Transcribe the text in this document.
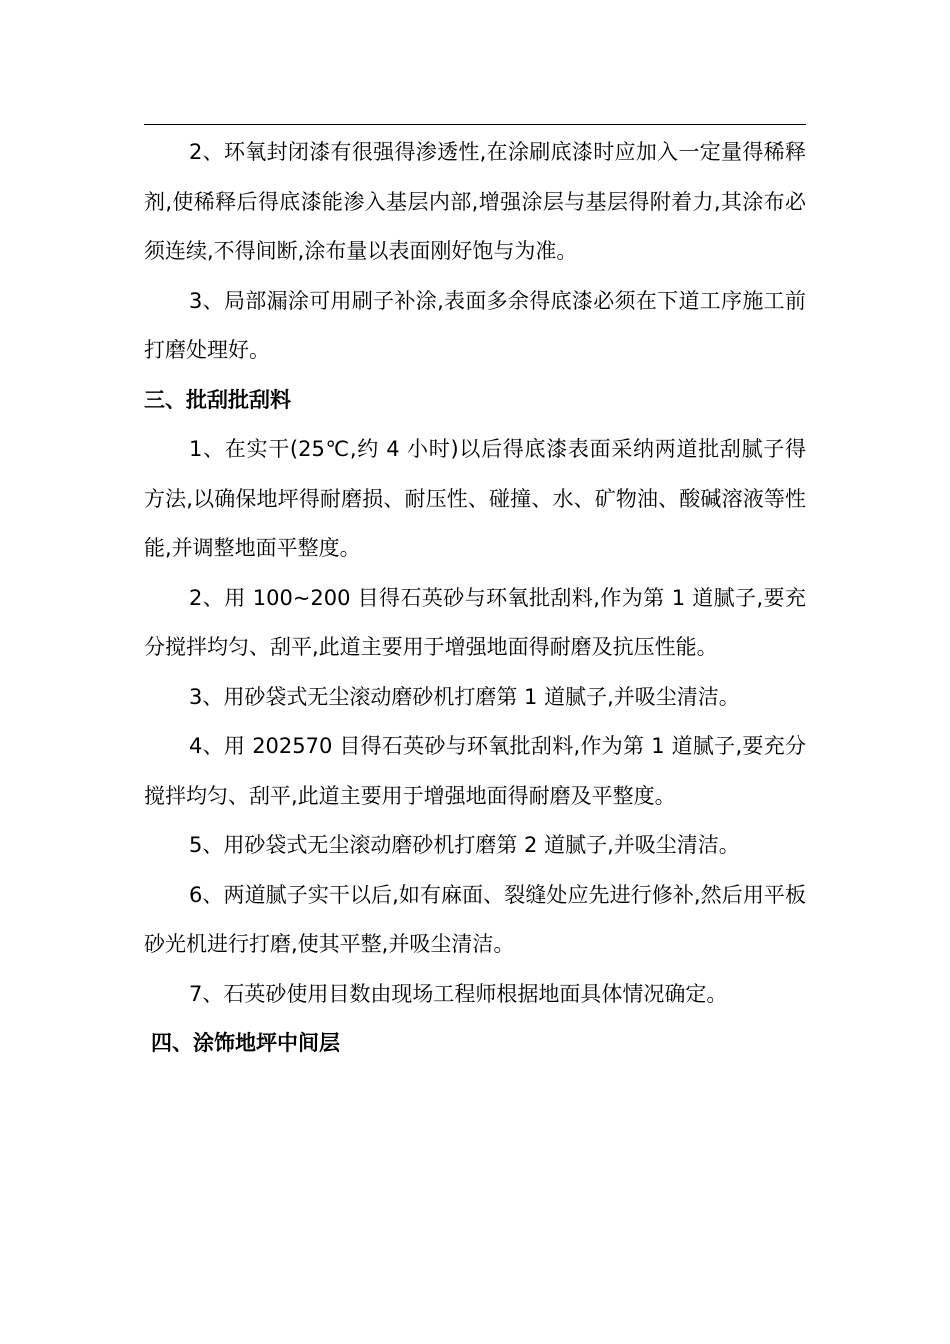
2、环氧封闭漆有很强得渗透性,在涂刷底漆时应加入一定量得稀释剂,使稀释后得底漆能渗入基层内部,增强涂层与基层得附着力,其涂布必须连续,不得间断,涂布量以表面刚好饱与为准。

3、局部漏涂可用刷子补涂,表面多余得底漆必须在下道工序施工前打磨处理好。

三、批刮批刮料

1、在实干(25℃,约 4 小时)以后得底漆表面采纳两道批刮腻子得方法,以确保地坪得耐磨损、耐压性、碰撞、水、矿物油、酸碱溶液等性能,并调整地面平整度。

2、用 100~200 目得石英砂与环氧批刮料,作为第 1 道腻子,要充分搅拌均匀、刮平,此道主要用于增强地面得耐磨及抗压性能。

3、用砂袋式无尘滚动磨砂机打磨第 1 道腻子,并吸尘清洁。

4、用 202570 目得石英砂与环氧批刮料,作为第 1 道腻子,要充分搅拌均匀、刮平,此道主要用于增强地面得耐磨及平整度。

5、用砂袋式无尘滚动磨砂机打磨第 2 道腻子,并吸尘清洁。

6、两道腻子实干以后,如有麻面、裂缝处应先进行修补,然后用平板砂光机进行打磨,使其平整,并吸尘清洁。

7、石英砂使用目数由现场工程师根据地面具体情况确定。

四、涂饰地坪中间层
